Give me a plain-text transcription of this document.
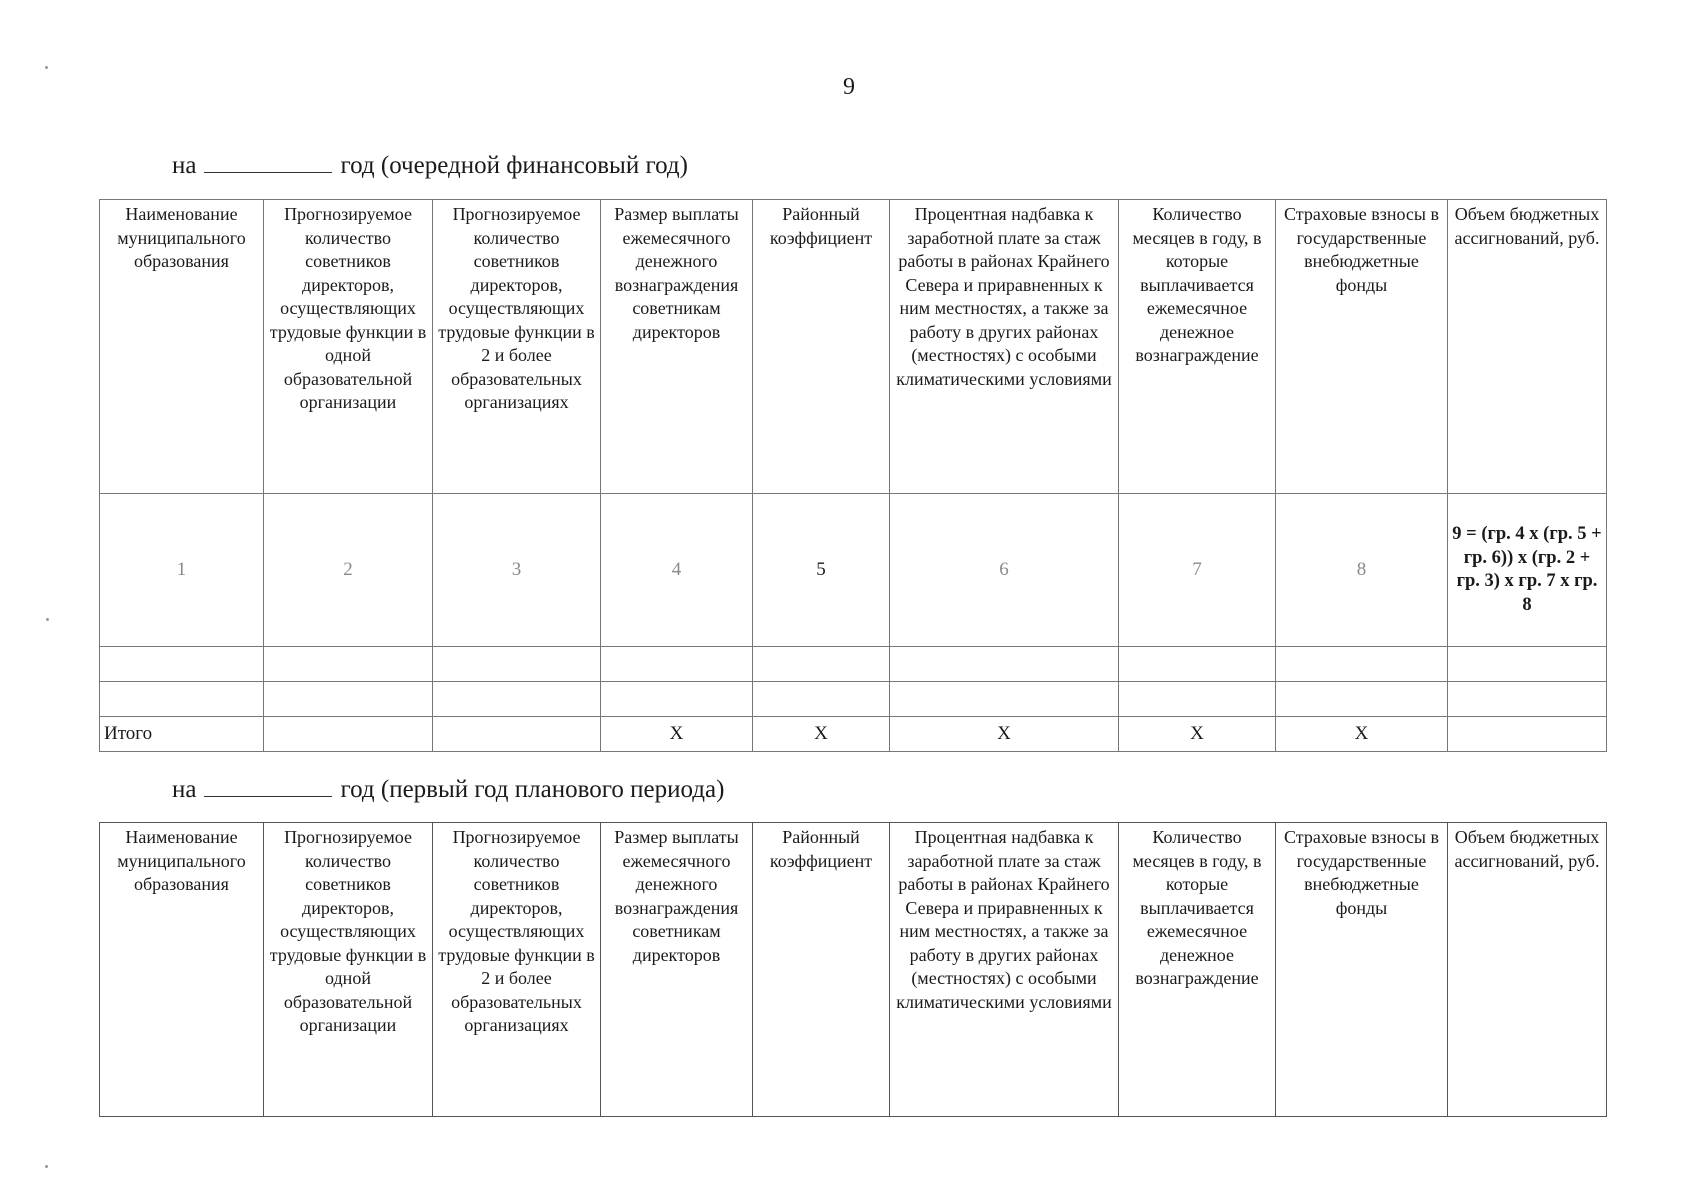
9
на	год (очередной финансовый год)
Наименование муниципального образования	Прогнозируемое количество советников директоров, осуществляющих трудовые функции в одной образовательной организации	Прогнозируемое количество советников директоров, осуществляющих трудовые функции в 2 и более образовательных организациях	Размер выплаты ежемесячного денежного вознаграждения советникам директоров	Районный коэффициент	Процентная надбавка к заработной плате за стаж работы в районах Крайнего Севера и приравненных к ним местностях, а также за работу в других районах (местностях) с особыми климатическими условиями	Количество месяцев в году, в которые выплачивается ежемесячное денежное вознаграждение	Страховые взносы в государственные внебюджетные фонды	Объем бюджетных ассигнований, руб.
1	2	3	4	5	6	7	8	9 = (гр. 4 х (гр. 5 + гр. 6)) х (гр. 2 + гр. 3) х гр. 7 х гр. 8

Итого			Х	Х	Х	Х	Х	
на	год (первый год планового периода)
Наименование муниципального образования	Прогнозируемое количество советников директоров, осуществляющих трудовые функции в одной образовательной организации	Прогнозируемое количество советников директоров, осуществляющих трудовые функции в 2 и более образовательных организациях	Размер выплаты ежемесячного денежного вознаграждения советникам директоров	Районный коэффициент	Процентная надбавка к заработной плате за стаж работы в районах Крайнего Севера и приравненных к ним местностях, а также за работу в других районах (местностях) с особыми климатическими условиями	Количество месяцев в году, в которые выплачивается ежемесячное денежное вознаграждение	Страховые взносы в государственные внебюджетные фонды	Объем бюджетных ассигнований, руб.
